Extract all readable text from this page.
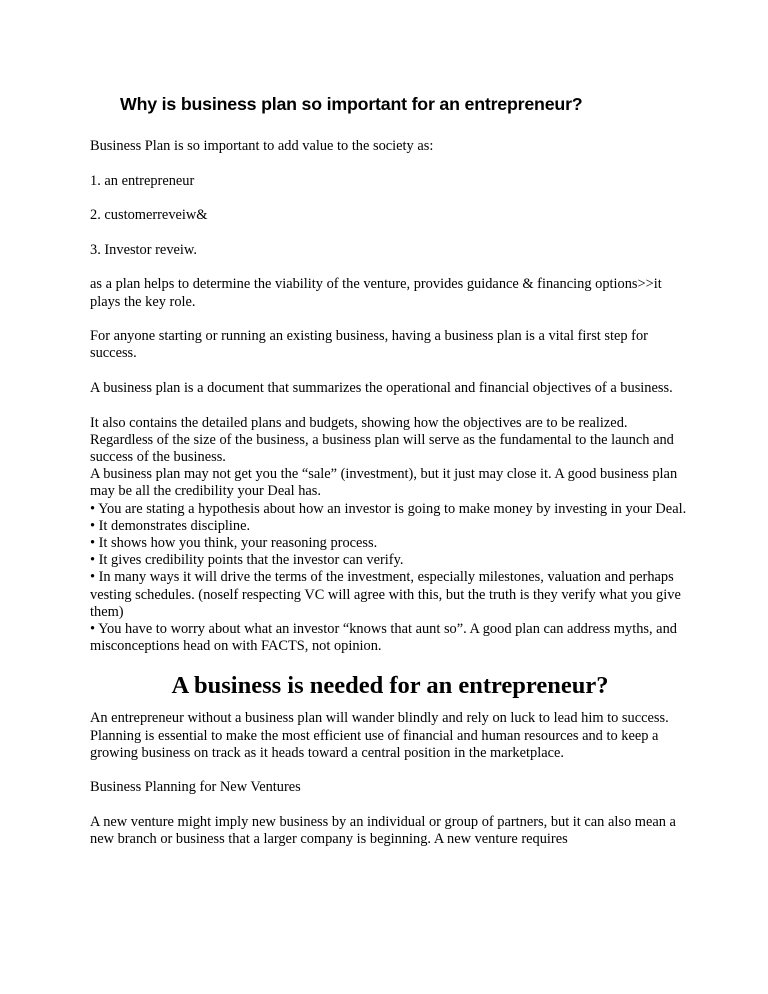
Why is business plan so important for an entrepreneur?

Business Plan is so important to add value to the society as:

1. an entrepreneur

2. customerreveiw&

3. Investor reveiw.

as a plan helps to determine the viability of the venture, provides guidance & financing options>>it plays the key role.

For anyone starting or running an existing business, having a business plan is a vital first step for success.

A business plan is a document that summarizes the operational and financial objectives of a business.

It also contains the detailed plans and budgets, showing how the objectives are to be realized. Regardless of the size of the business, a business plan will serve as the fundamental to the launch and success of the business.

A business plan may not get you the “sale” (investment), but it just may close it. A good business plan may be all the credibility your Deal has.

• You are stating a hypothesis about how an investor is going to make money by investing in your Deal.

• It demonstrates discipline.

• It shows how you think, your reasoning process.

• It gives credibility points that the investor can verify.

• In many ways it will drive the terms of the investment, especially milestones, valuation and perhaps vesting schedules. (noself respecting VC will agree with this, but the truth is they verify what you give them)

• You have to worry about what an investor “knows that aunt so”. A good plan can address myths, and misconceptions head on with FACTS, not opinion.

A business is needed for an entrepreneur?

An entrepreneur without a business plan will wander blindly and rely on luck to lead him to success. Planning is essential to make the most efficient use of financial and human resources and to keep a growing business on track as it heads toward a central position in the marketplace.

Business Planning for New Ventures

A new venture might imply new business by an individual or group of partners, but it can also mean a new branch or business that a larger company is beginning. A new venture requires
